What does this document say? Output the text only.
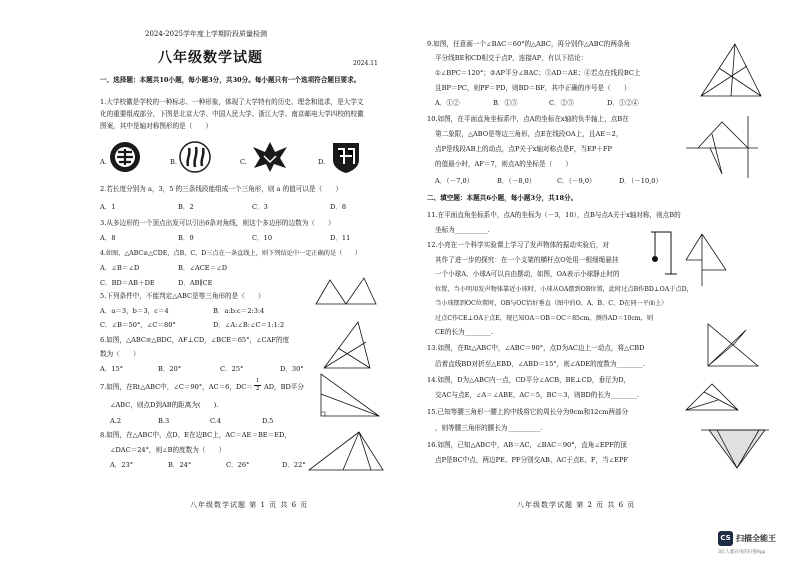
2024-2025学年度上学期阶段质量检测
八年级数学试题	2024.11
一、选择题：本题共10小题，每小题3分，共30分。每小题只有一个选项符合题目要求。
1.大学校徽是学校的一种标志、一种形象，体现了大学特有的历史、理念和追求，是大学文
化的重要组成部分，下图是北京大学、中国人民大学、浙江大学、南京邮电大学四校的校徽
图案，其中是轴对称图形的是（　　）
A.	B.	C.	D.
2.若长度分别为 a，3，5 的三条线段能组成一个三角形，则 a 的值可以是（　　）
A．1	B．2	C．3	D．8
3.从多边形的一个顶点出发可以引出6条对角线，则这个多边形的边数为（　　）
A．8	B．9	C．10	D．11
4.如图，△ABC≌△CDE，点B、C、D三点在一条直线上，则下列结论中一定正确的是（　　）
A．∠B＝∠D	B．∠ACE＝∠D
C．BD＝AB＋DE	D．AB∥CE
5.下列条件中，不能判定△ABC是等三角形的是（　　）
A．a＝3，b＝3，c＝4	B．a:b:c＝2:3:4
C．∠B＝50°，∠C＝80°	D．∠A:∠B:∠C＝1:1:2
6.如图，△ABC≌△BDC，AF⊥CD，∠BCE＝65°，∠CAF的度
数为（　　）
A．15°	B．20°	C．25°	D．30°
7.如图，在Rt△ABC中，∠C＝90°，AC＝6，DC＝
1
2 AD，BD平分
∠ABC，则点D到AB的距离为(　　).
A.2	B.3	C.4	D.5
8.如图，在△ABC中，点D、E在边BC上，AC＝AE＝BE＝ED，
∠DAC＝24°，则∠B的度数为（　　）
A．23°	B．24°	C．26°	D．22°
八年级数学试题 第 1 页 共 6 页
9.如图，任意画一个∠BAC＝60°的△ABC，再分别作△ABC的两条角
平分线BE和CD相交于点P，连接AP，有以下结论：
①∠BPC＝120°；②AP平分∠BAC；③AD＝AE；④若点在线段BC上
且BP＝PC，则PF＝PD，则BD＝BF，其中正确的序号是（　　）
A．①②	B．①③	C．②③	D．①②④
10.如图，在平面直角坐标系中，点A的坐标在x轴的负半轴上，点B在
第二象限，△ABO是等边三角形，点E在线段OA上，且AE＝2，
点P是线段AB上的动点，点P关于x轴对称点是F，当EP＋FP
的值最小时，AF＝7，则点A的坐标是（　　）
A．（－7,0）	B．（－8,0）	C．（－9,0）	D．（－10,0）
二、填空题：本题共6小题，每小题3分，共18分。
11.在平面直角坐标系中，点A的坐标为（－3，10），点B与点A关于x轴对称，则点B的
坐标为__________.
12.小亮在一个科学实验课上学习了发声物体的振动实验后，对
其作了进一步的探究：在一个支架的横杆点O处用一根细绳悬挂
一个小球A，小球A可以自由摆动，如图，OA表示小球静止时的
位置，当小明用发声物体靠近小球时，小球从OA摆到OB位置，此时过点B作BD⊥OA于点D，
当小球摆到OC位置时，OB与OC恰好垂直（图中的O、A、B、C、D在同一平面上）
过点C作CE⊥OA于点E，现已知OA＝OB＝OC＝85cm，测得AD＝10cm，则
CE的长为________.
13.如图，在Rt△ABC中，∠ABC＝90°，点D为AC边上一动点，将△CBD
沿着直线BD对折至△EBD，∠ABD＝15°，则∠ADE的度数为________.
14.如图，D为△ABC内一点，CD平分∠ACB，BE⊥CD，垂足为D，
交AC与点E，∠A＝∠ABE，AC＝5，BC＝3，则BD的长为________.
15.已知等腰三角形一腰上的中线将它的周长分为9cm和12cm两部分
，则等腰三角形的腰长为__________.
16.如图，已知△ABC中，AB＝AC，∠BAC＝90°，直角∠EPF的顶
点P是BC中点，两边PE、PF分别交AB、AC于点E、F，当∠EPF
八年级数学试题 第 2 页 共 6 页
CS 扫描全能王
3亿人都在用的扫描App
